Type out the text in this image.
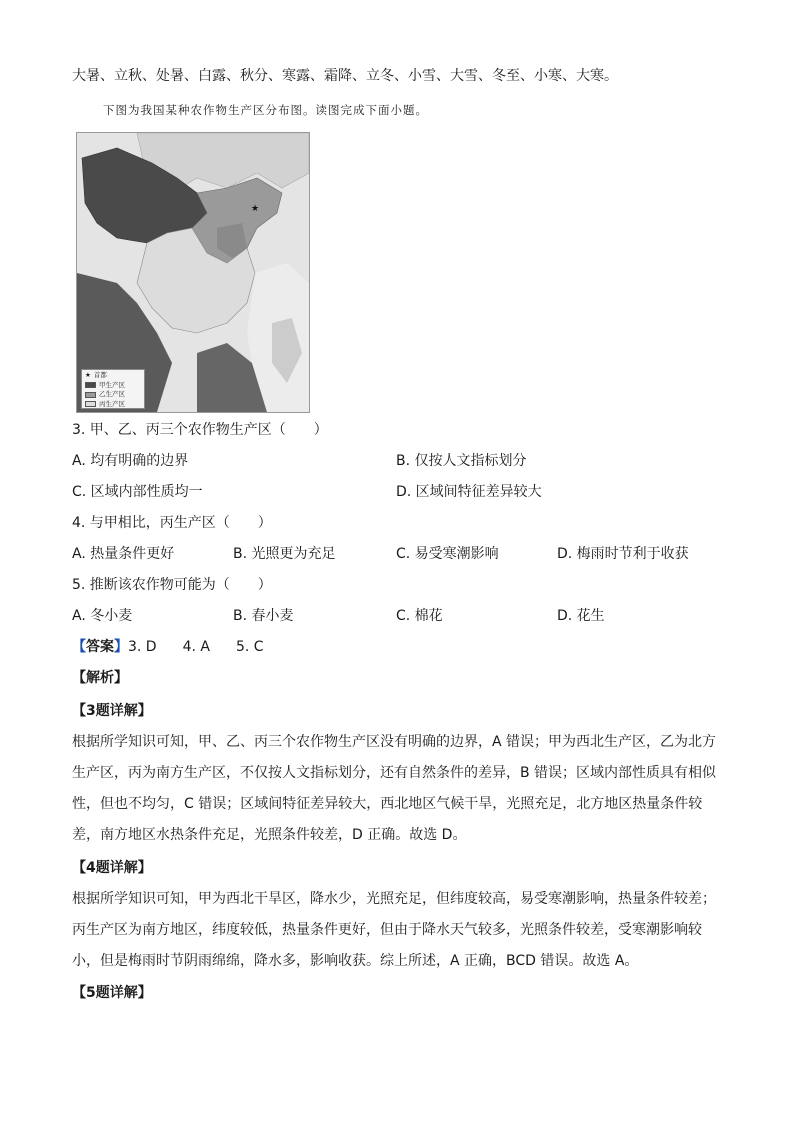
大暑、立秋、处暑、白露、秋分、寒露、霜降、立冬、小雪、大雪、冬至、小寒、大寒。
下图为我国某种农作物生产区分布图。读图完成下面小题。
★
★ 首都
甲生产区
乙生产区
丙生产区
3. 甲、乙、丙三个农作物生产区（　　）
A. 均有明确的边界	B. 仅按人文指标划分
C. 区域内部性质均一	D. 区域间特征差异较大
4. 与甲相比，丙生产区（　　）
A. 热量条件更好	B. 光照更为充足	C. 易受寒潮影响	D. 梅雨时节利于收获
5. 推断该农作物可能为（　　）
A. 冬小麦	B. 春小麦	C. 棉花	D. 花生
【答案】3. D 4. A 5. C
【解析】
【3题详解】
根据所学知识可知，甲、乙、丙三个农作物生产区没有明确的边界，A 错误；甲为西北生产区，乙为北方生产区，丙为南方生产区，不仅按人文指标划分，还有自然条件的差异，B 错误；区域内部性质具有相似性，但也不均匀，C 错误；区域间特征差异较大，西北地区气候干旱，光照充足，北方地区热量条件较差，南方地区水热条件充足，光照条件较差，D 正确。故选 D。
【4题详解】
根据所学知识可知，甲为西北干旱区，降水少，光照充足，但纬度较高，易受寒潮影响，热量条件较差；丙生产区为南方地区，纬度较低，热量条件更好，但由于降水天气较多，光照条件较差，受寒潮影响较小，但是梅雨时节阴雨绵绵，降水多，影响收获。综上所述，A 正确，BCD 错误。故选 A。
【5题详解】
